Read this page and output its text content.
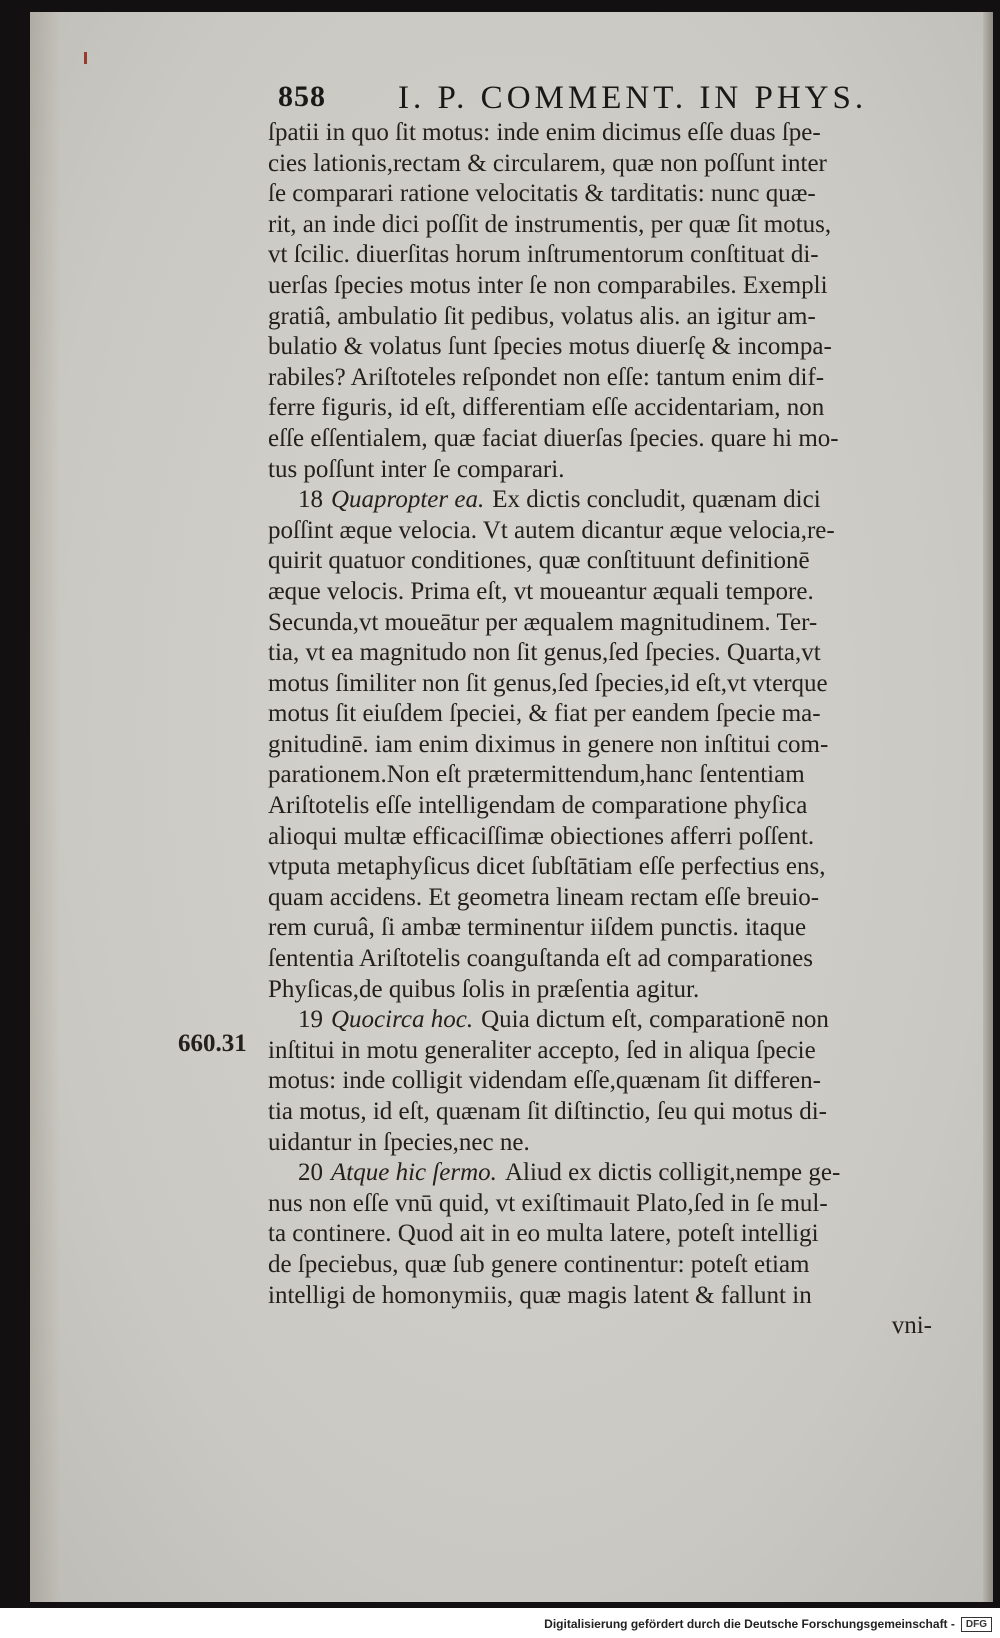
858 I. P. COMMENT. IN PHYS.
660.31
ſpatii in quo ſit motus: inde enim dicimus eſſe duas ſpe-
cies lationis,rectam & circularem, quæ non poſſunt inter
ſe comparari ratione velocitatis & tarditatis: nunc quæ-
rit, an inde dici poſſit de instrumentis, per quæ ſit motus,
vt ſcilic. diuerſitas horum inſtrumentorum conſtituat di-
uerſas ſpecies motus inter ſe non comparabiles. Exempli
gratiâ, ambulatio ſit pedibus, volatus alis. an igitur am-
bulatio & volatus ſunt ſpecies motus diuerſę & incompa-
rabiles? Ariſtoteles reſpondet non eſſe: tantum enim dif-
ferre figuris, id eſt, differentiam eſſe accidentariam, non
eſſe eſſentialem, quæ faciat diuerſas ſpecies. quare hi mo-
tus poſſunt inter ſe comparari.
18 Quapropter ea. Ex dictis concludit, quænam dici
poſſint æque velocia. Vt autem dicantur æque velocia,re-
quirit quatuor conditiones, quæ conſtituunt definitionē
æque velocis. Prima eſt, vt moueantur æquali tempore.
Secunda,vt moueātur per æqualem magnitudinem. Ter-
tia, vt ea magnitudo non ſit genus,ſed ſpecies. Quarta,vt
motus ſimiliter non ſit genus,ſed ſpecies,id eſt,vt vterque
motus ſit eiuſdem ſpeciei, & fiat per eandem ſpecie ma-
gnitudinē. iam enim diximus in genere non inſtitui com-
parationem.Non eſt prætermittendum,hanc ſententiam
Ariſtotelis eſſe intelligendam de comparatione phyſica
alioqui multæ efficaciſſimæ obiectiones afferri poſſent.
vtputa metaphyſicus dicet ſubſtātiam eſſe perfectius ens,
quam accidens. Et geometra lineam rectam eſſe breuio-
rem curuâ, ſi ambæ terminentur iiſdem punctis. itaque
ſententia Ariſtotelis coanguſtanda eſt ad comparationes
Phyſicas,de quibus ſolis in præſentia agitur.
19 Quocirca hoc. Quia dictum eſt, comparationē non
inſtitui in motu generaliter accepto, ſed in aliqua ſpecie
motus: inde colligit videndam eſſe,quænam ſit differen-
tia motus, id eſt, quænam ſit diſtinctio, ſeu qui motus di-
uidantur in ſpecies,nec ne.
20 Atque hic ſermo. Aliud ex dictis colligit,nempe ge-
nus non eſſe vnū quid, vt exiſtimauit Plato,ſed in ſe mul-
ta continere. Quod ait in eo multa latere, poteſt intelligi
de ſpeciebus, quæ ſub genere continentur: poteſt etiam
intelligi de homonymiis, quæ magis latent & fallunt in
vni-
Digitalisierung gefördert durch die Deutsche Forschungsgemeinschaft -	DFG
